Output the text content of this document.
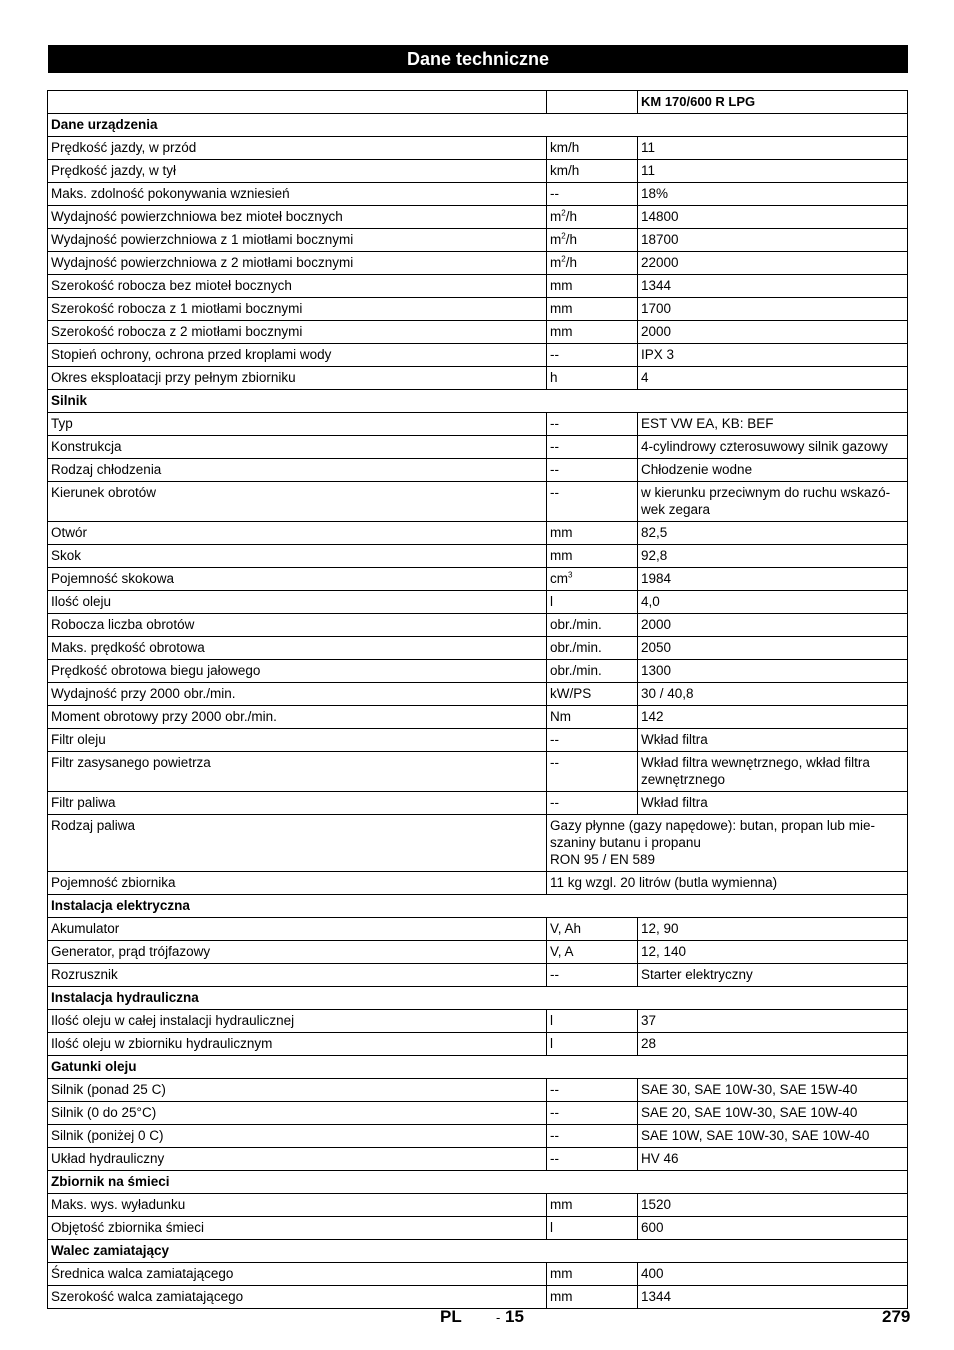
Dane techniczne
		KM 170/600 R LPG
Dane urządzenia		
Prędkość jazdy, w przód	km/h	11
Prędkość jazdy, w tył	km/h	11
Maks. zdolność pokonywania wzniesień	--	18%
Wydajność powierzchniowa bez mioteł bocznych	$m^2/h$	14800
Wydajność powierzchniowa z 1 miotłami bocznymi	$m^2/h$	18700
Wydajność powierzchniowa z 2 miotłami bocznymi	$m^2/h$	22000
Szerokość robocza bez mioteł bocznych	mm	1344
Szerokość robocza z 1 miotłami bocznymi	mm	1700
Szerokość robocza z 2 miotłami bocznymi	mm	2000
Stopień ochrony, ochrona przed kroplami wody	--	IPX 3
Okres eksploatacji przy pełnym zbiorniku	h	4
Silnik		
Typ	--	EST VW EA, KB: BEF
Konstrukcja	--	4-cylindrowy czterosuwowy silnik gazowy
Rodzaj chłodzenia	--	Chłodzenie wodne
Kierunek obrotów	--	w kierunku przeciwnym do ruchu wskazó-
wek zegara
Otwór	mm	82,5
Skok	mm	92,8
Pojemność skokowa	$cm^3$	1984
Ilość oleju	l	4,0
Robocza liczba obrotów	obr./min.	2000
Maks. prędkość obrotowa	obr./min.	2050
Prędkość obrotowa biegu jałowego	obr./min.	1300
Wydajność przy 2000 obr./min.	kW/PS	30 / 40,8
Moment obrotowy przy 2000 obr./min.	Nm	142
Filtr oleju	--	Wkład filtra
Filtr zasysanego powietrza	--	Wkład filtra wewnętrznego, wkład filtra
zewnętrznego
Filtr paliwa	--	Wkład filtra
Rodzaj paliwa	Gazy płynne (gazy napędowe): butan, propan lub mie-
szaniny butanu i propanu
RON 95 / EN 589	
Pojemność zbiornika	11 kg wzgl. 20 litrów (butla wymienna)	
Instalacja elektryczna		
Akumulator	V, Ah	12, 90
Generator, prąd trójfazowy	V, A	12, 140
Rozrusznik	--	Starter elektryczny
Instalacja hydrauliczna		
Ilość oleju w całej instalacji hydraulicznej	l	37
Ilość oleju w zbiorniku hydraulicznym	l	28
Gatunki oleju		
Silnik (ponad 25 C)	--	SAE 30, SAE 10W-30, SAE 15W-40
Silnik (0 do 25°C)	--	SAE 20, SAE 10W-30, SAE 10W-40
Silnik (poniżej 0 C)	--	SAE 10W, SAE 10W-30, SAE 10W-40
Układ hydrauliczny	--	HV 46
Zbiornik na śmieci		
Maks. wys. wyładunku	mm	1520
Objętość zbiornika śmieci	l	600
Walec zamiatający		
Średnica walca zamiatającego	mm	400
Szerokość walca zamiatającego	mm	1344
PL	- 15	279
